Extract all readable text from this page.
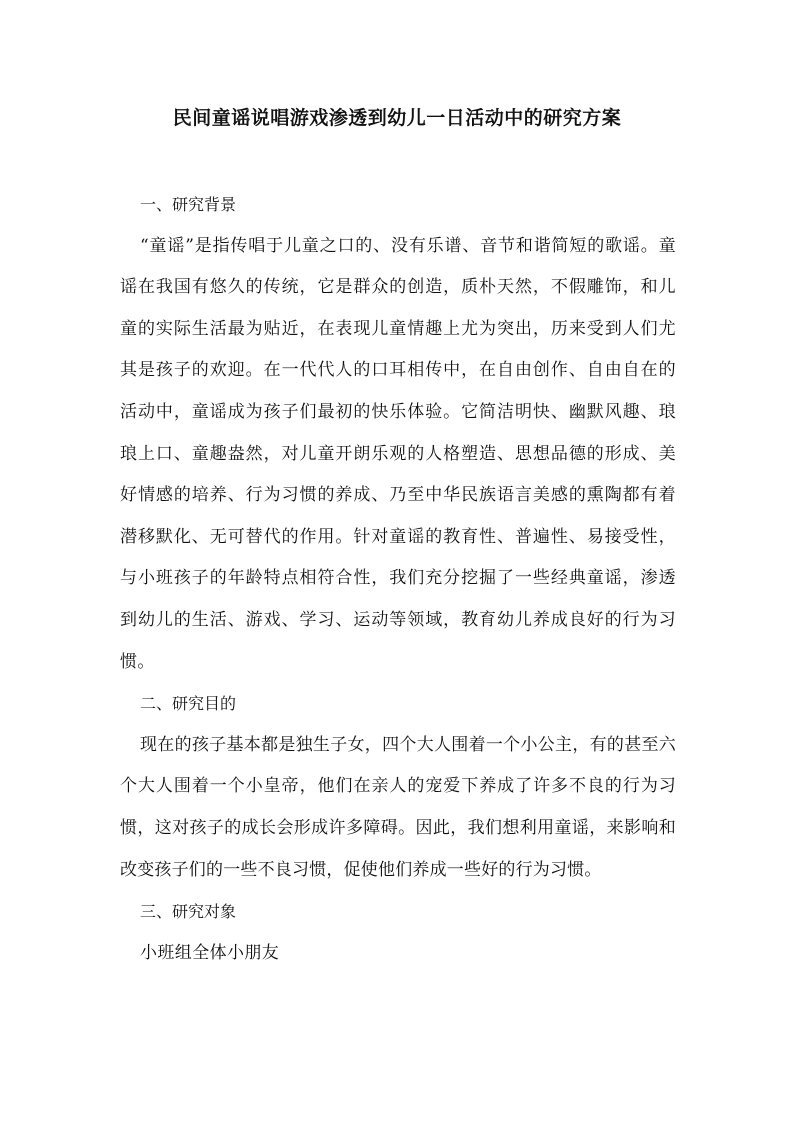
民间童谣说唱游戏渗透到幼儿一日活动中的研究方案

一、研究背景

“童谣”是指传唱于儿童之口的、没有乐谱、音节和谐简短的歌谣。童谣在我国有悠久的传统，它是群众的创造，质朴天然，不假雕饰，和儿童的实际生活最为贴近，在表现儿童情趣上尤为突出，历来受到人们尤其是孩子的欢迎。在一代代人的口耳相传中，在自由创作、自由自在的活动中，童谣成为孩子们最初的快乐体验。它简洁明快、幽默风趣、琅琅上口、童趣盎然，对儿童开朗乐观的人格塑造、思想品德的形成、美好情感的培养、行为习惯的养成、乃至中华民族语言美感的熏陶都有着潜移默化、无可替代的作用。针对童谣的教育性、普遍性、易接受性，与小班孩子的年龄特点相符合性，我们充分挖掘了一些经典童谣，渗透到幼儿的生活、游戏、学习、运动等领域，教育幼儿养成良好的行为习惯。

二、研究目的

现在的孩子基本都是独生子女，四个大人围着一个小公主，有的甚至六个大人围着一个小皇帝，他们在亲人的宠爱下养成了许多不良的行为习惯，这对孩子的成长会形成许多障碍。因此，我们想利用童谣，来影响和改变孩子们的一些不良习惯，促使他们养成一些好的行为习惯。

三、研究对象

小班组全体小朋友
